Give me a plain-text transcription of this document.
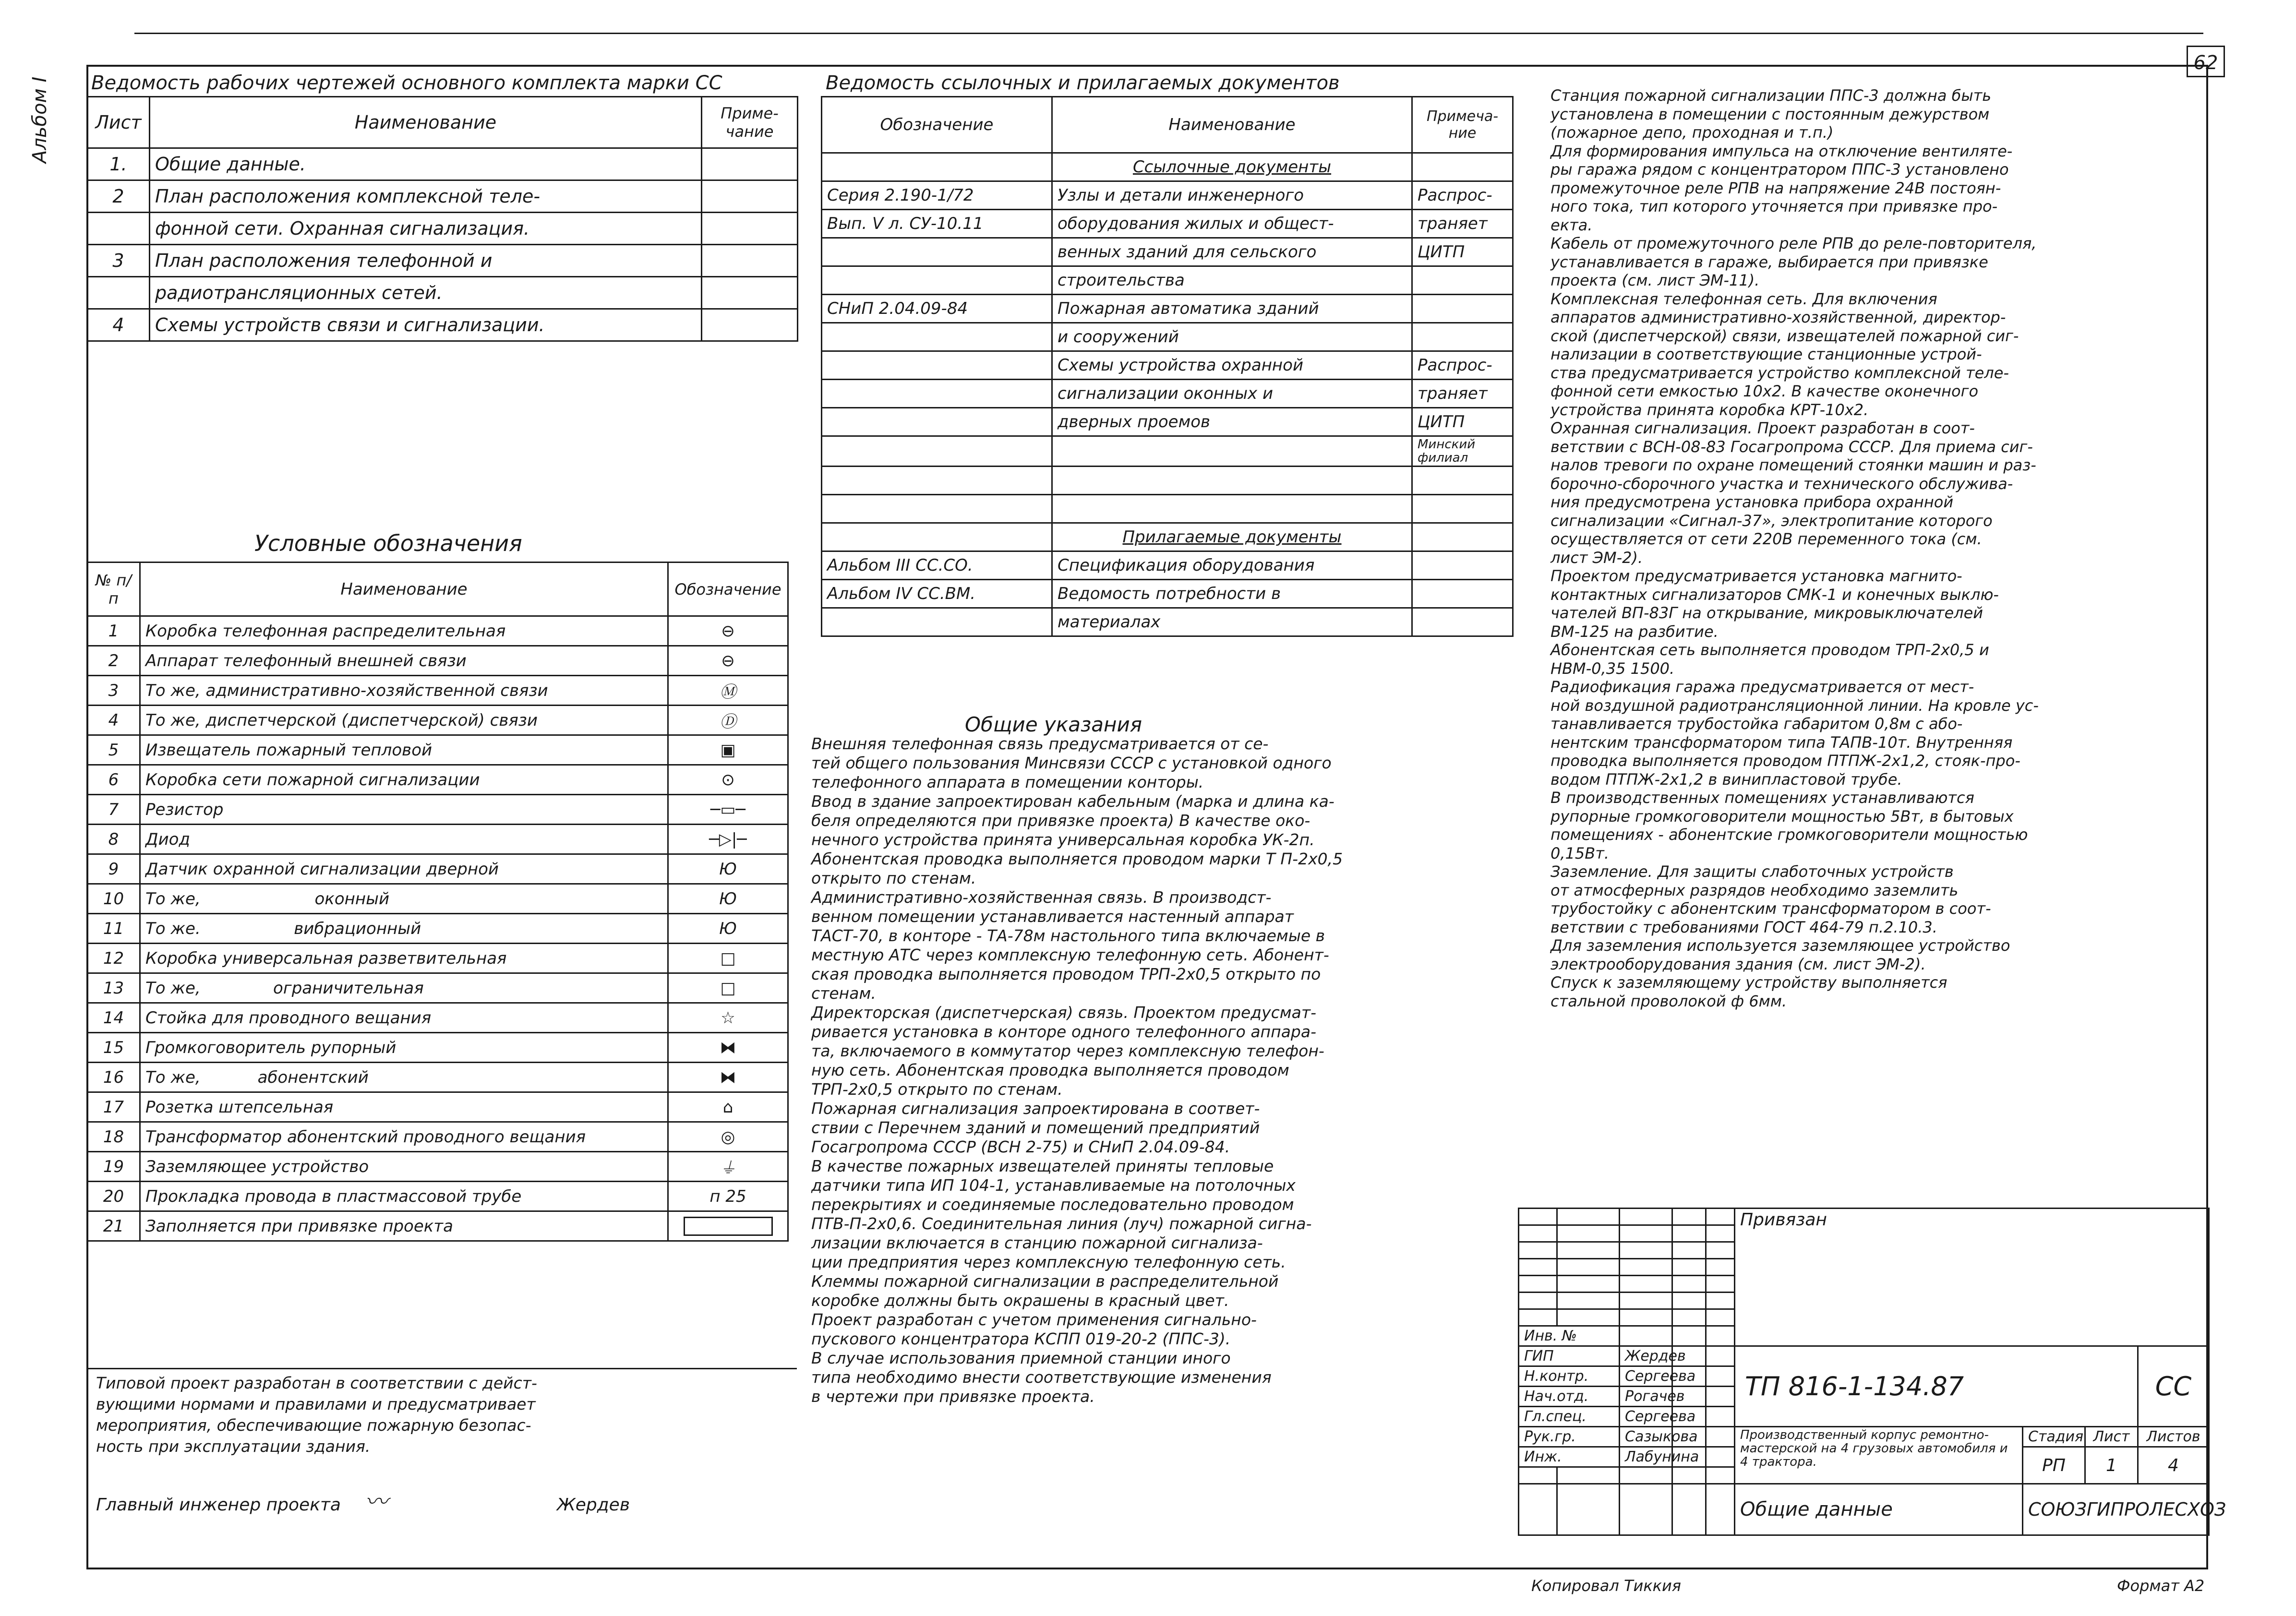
62
Альбом I Ведомость рабочих чертежей основного комплекта марки СС
Лист	Наименование	Приме-чание
1.	Общие данные.	
2	План расположения комплексной теле-	
	фонной сети. Охранная сигнализация.	
3	План расположения телефонной и	
	радиотрансляционных сетей.	
4	Схемы устройств связи и сигнализации.	
Ведомость ссылочных и прилагаемых документов
Обозначение	Наименование	Примеча-ние
	Ссылочные документы	
Серия 2.190-1/72	Узлы и детали инженерного	Распрос-
Вып. V л. СУ-10.11	оборудования жилых и общест-	траняет
	венных зданий для сельского	ЦИТП
	строительства	
СНиП 2.04.09-84	Пожарная автоматика зданий	
	и сооружений	
	Схемы устройства охранной	Распрос-
	сигнализации оконных и	траняет
	дверных проемов	ЦИТП
		Минский филиал

	Прилагаемые документы	
Альбом III СС.СО.	Спецификация оборудования	
Альбом IV СС.ВМ.	Ведомость потребности в	
	материалах	
Условные обозначения
№ п/п	Наименование	Обозначение
1	Коробка телефонная распределительная	⊖
2	Аппарат телефонный внешней связи	⊖
3	То же, административно-хозяйственной связи	Ⓜ
4	То же, диспетчерской (диспетчерской) связи	Ⓓ
5	Извещатель пожарный тепловой	▣
6	Коробка сети пожарной сигнализации	⊙
7	Резистор	─▭─
8	Диод	─▷|─
9	Датчик охранной сигнализации дверной	Ю
10	То же,                      оконный	Ю
11	То же.                  вибрационный	Ю
12	Коробка универсальная разветвительная	□
13	То же,              ограничительная	□
14	Стойка для проводного вещания	☆
15	Громкоговоритель рупорный	⧓
16	То же,           абонентский	⧓
17	Розетка штепсельная	⌂
18	Трансформатор абонентский проводного вещания	◎
19	Заземляющее устройство	⏚
20	Прокладка провода в пластмассовой трубе	п 25
21	Заполняется при привязке проекта	
Общие указания
Внешняя телефонная связь предусматривается от се-
тей общего пользования Минсвязи СССР с установкой одного
телефонного аппарата в помещении конторы.
Ввод в здание запроектирован кабельным (марка и длина ка-
беля определяются при привязке проекта) В качестве око-
нечного устройства принята универсальная коробка УК-2п.
Абонентская проводка выполняется проводом марки Т П-2х0,5
открыто по стенам.
Административно-хозяйственная связь. В производст-
венном помещении устанавливается настенный аппарат
ТАСТ-70, в конторе - ТА-78м настольного типа включаемые в
местную АТС через комплексную телефонную сеть. Абонент-
ская проводка выполняется проводом ТРП-2х0,5 открыто по
стенам.
Директорская (диспетчерская) связь. Проектом предусмат-
ривается установка в конторе одного телефонного аппара-
та, включаемого в коммутатор через комплексную телефон-
ную сеть. Абонентская проводка выполняется проводом
ТРП-2х0,5 открыто по стенам.
Пожарная сигнализация запроектирована в соответ-
ствии с Перечнем зданий и помещений предприятий
Госагропрома СССР (ВСН 2-75) и СНиП 2.04.09-84.
В качестве пожарных извещателей приняты тепловые
датчики типа ИП 104-1, устанавливаемые на потолочных
перекрытиях и соединяемые последовательно проводом
ПТВ-П-2х0,6. Соединительная линия (луч) пожарной сигна-
лизации включается в станцию пожарной сигнализа-
ции предприятия через комплексную телефонную сеть.
Клеммы пожарной сигнализации в распределительной
коробке должны быть окрашены в красный цвет.
Проект разработан с учетом применения сигнально-
пускового концентратора КСПП 019-20-2 (ППС-3).
В случае использования приемной станции иного
типа необходимо внести соответствующие изменения
в чертежи при привязке проекта.
Станция пожарной сигнализации ППС-3 должна быть
установлена в помещении с постоянным дежурством
(пожарное депо, проходная и т.п.)
Для формирования импульса на отключение вентиляте-
ры гаража рядом с концентратором ППС-3 установлено
промежуточное реле РПВ на напряжение 24В постоян-
ного тока, тип которого уточняется при привязке про-
екта.
Кабель от промежуточного реле РПВ до реле-повторителя,
устанавливается в гараже, выбирается при привязке
проекта (см. лист ЭМ-11).
Комплексная телефонная сеть. Для включения
аппаратов административно-хозяйственной, директор-
ской (диспетчерской) связи, извещателей пожарной сиг-
нализации в соответствующие станционные устрой-
ства предусматривается устройство комплексной теле-
фонной сети емкостью 10х2. В качестве оконечного
устройства принята коробка КРТ-10х2.
Охранная сигнализация. Проект разработан в соот-
ветствии с ВСН-08-83 Госагропрома СССР. Для приема сиг-
налов тревоги по охране помещений стоянки машин и раз-
борочно-сборочного участка и технического обслужива-
ния предусмотрена установка прибора охранной
сигнализации «Сигнал-37», электропитание которого
осуществляется от сети 220В переменного тока (см.
лист ЭМ-2).
Проектом предусматривается установка магнито-
контактных сигнализаторов СМК-1 и конечных выклю-
чателей ВП-83Г на открывание, микровыключателей
ВМ-125 на разбитие.
Абонентская сеть выполняется проводом ТРП-2х0,5 и
НВМ-0,35 1500.
Радиофикация гаража предусматривается от мест-
ной воздушной радиотрансляционной линии. На кровле ус-
танавливается трубостойка габаритом 0,8м с або-
нентским трансформатором типа ТАПВ-10т. Внутренняя
проводка выполняется проводом ПТПЖ-2х1,2, стояк-про-
водом ПТПЖ-2х1,2 в винипластовой трубе.
В производственных помещениях устанавливаются
рупорные громкоговорители мощностью 5Вт, в бытовых
помещениях - абонентские громкоговорители мощностью
0,15Вт.
Заземление. Для защиты слаботочных устройств
от атмосферных разрядов необходимо заземлить
трубостойку с абонентским трансформатором в соот-
ветствии с требованиями ГОСТ 464-79 п.2.10.3.
Для заземления используется заземляющее устройство
электрооборудования здания (см. лист ЭМ-2).
Спуск к заземляющему устройству выполняется
стальной проволокой ф 6мм.
Типовой проект разработан в соответствии с дейст-
вующими нормами и правилами и предусматривает
мероприятия, обеспечивающие пожарную безопас-
ность при эксплуатации здания.
Главный инженер проекта 〰	Жердев
					Привязан			

Инв. №								
ГИП		Жердев			ТП 816-1-134.87			СС
Н.контр.		Сергеева						
Нач.отд.		Рогачев						
Гл.спец.		Сергеева						
Рук.гр.		Сазыкова			Производственный корпус ремонтно-мастерской на 4 грузовых автомобиля и 4 трактора.	Стадия	Лист	Листов
Инж.		Лабунина				РП	1	4

					Общие данные	СОЮЗГИПРОЛЕСХОЗ		
Копировал Тиккия	Формат А2
